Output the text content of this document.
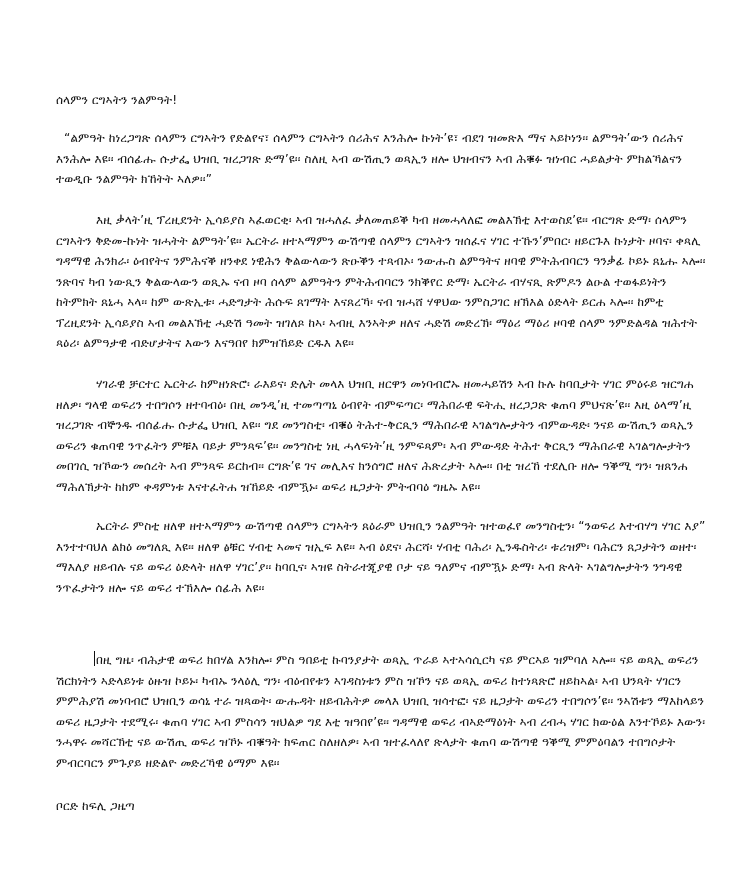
ሰላምን ርግኣትን ንልምዓት!

“ልምዓት ከነረጋግጽ ሰላምን ርግኣትን የድልየና፣ ሰላምን ርግኣትን ሰሪሕና እንሕሎ ኩነት’ዩ፣ ብደገ ዝመጽእ ማና ኣይኮነን፡፡ ልምዓት’ውን ሰሪሕና እንሕሎ እዩ፡፡ ብሰፊሑ ሱታፌ ህዝቢ ዝረጋገጽ ድማ’ዩ፡፡ ስለዚ ኣብ ውሽጢን ወጻኢን ዘሎ ህዝብናን ኣብ ሕቑፉ ዝነብር ሓይልታት ምክልኻልናን ተወዲቡ ንልምዓት ክኸትት ኣለዎ፡፡”

እዚ ቃላት’ዚ ፕረዚደንት ኢሳይያስ ኣፈወርቂ፡ ኣብ ዝሓለፈ ቃለመጠይቕ ካብ ዘመሓላለፎ መልእኽቲ እተወስደ’ዩ፡፡ ብርግጽ ድማ፡ ሰላምን ርግኣትን ቅድመ-ኩነት ዝሓትት ልምዓት’ዩ፡፡ ኤርትራ ዘተኣማምን ውሽጣዊ ሰላምን ርግኣትን ዝሰፈና ሃገር ተኹን’ምበር፡ ዘይርጉእ ኩነታት ዞባና፡ ቀጻሊ ግዳማዊ ሕንክራ፡ ዕብየትና ንምሕናቕ ዘንቀደ ነዊሕን ቅልውላውን ጽዑቕን ተጻብኦ፡ ንውሑስ ልምዓትና ዘባዊ ምትሕብባርን ዓንቃፊ ኮይኑ ጸኒሑ ኣሎ፡፡ ንጽባና ካብ ነውጺን ቅልውላውን ወጺኡ ናብ ዞባ ሰላም ልምዓትን ምትሕብባርን ንክቕየር ድማ፡ ኤርትራ ብሃናጺ ጽምዶን ልዑል ተወፋይነትን ከትምክት ጸኒሓ ኣላ፡፡ ከም ውጽኢቱ፡ ሓድግታት ሕሱፍ ጸገማት እናጸረኻ፡ ናብ ዝሓሸ ሃዋህው ንምስጋገር ዘኽእል ዕድላት ይርሐ ኣሎ፡፡ ከምቲ ፕረዚደንት ኢሳይያስ ኣብ መልእኽቲ ሓድሽ ዓመት ዝገለጾ ከኣ፡ ኣብዚ እንኣትዎ ዘለና ሓድሽ መድረኽ፡ ማዕሪ ማዕሪ ዞባዊ ሰላም ንምድልዳል ዝሕተት ጻዕሪ፡ ልምዓታዊ ብድሆታትና እውን እናዓበየ ክምዝኸይድ ርዱእ እዩ፡፡

ሃገራዊ ቻርተር ኤርትራ ከምዘነጽሮ፡ ራእይና፡ ድሌት መላእ ህዝቢ ዘርዋን መነባብሮኡ ዘመሓይሽን ኣብ ኩሉ ከባቢታት ሃገር ምዕሩይ ዝርግሐ ዘለዎ፡ ግላዊ ወፍሪን ተበግሶን ዘተባብዕ፡ በዚ መንዲ’ዚ ተመጣጣኒ ዕብየት ብምፍጣር፡ ማሕበራዊ ፍትሒ ዘረጋጋጽ ቁጠባ ምህናጽ’ዩ፡፡ እዚ ዕላማ’ዚ ዝረጋገጽ ብኞንዱ ብሰፊሑ ሱታፌ ህዝቢ እዩ፡፡ ግደ መንግስቲ፡ ብቑዕ ትሕተ-ቅርጺን ማሕበራዊ ኣገልግሎታትን ብምውዳድ፡ ንናይ ውሽጢን ወጻኢን ወፍሪን ቁጠባዊ ንጥፈትን ምቹእ ባይታ ምንጻፍ’ዩ፡፡ መንግስቲ ነዚ ሓላፍነት’ዚ ንምፍጻም፡ ኣብ ምውዳድ ትሕተ ቅርጺን ማሕበራዊ ኣገልግሎታትን መበገሲ ዝኾውን መሰረት ኣብ ምንጻፍ ይርከብ፡፡ ርግጽ’ዩ ገና መሊእና ክንሰግሮ ዘለና ሕጽረታት ኣሎ፡፡ በቲ ዝረኸ ተደሊቡ ዘሎ ዓቕሚ ግን፡ ዝጸንሐ ማሕለኽታት ከከም ቀዳምነቱ እናተፈትሐ ዝኸይድ ብምዃኑ፡ ወፍሪ ዜጋታት ምትብባዕ ግዜኡ እዩ፡፡

ኤርትራ ምስቲ ዘለዋ ዘተኣማምን ውሽጣዊ ሰላምን ርግኣትን ጸዕራም ህዝቢን ንልምዓት ዝተወፈየ መንግስቲን፡ “ንወፍሪ እተብሃግ ሃገር እያ” እንተተባህለ ልክዕ መግለጺ እዩ፡፡ ዘለዋ ፅቹር ሃብቲ ኣመና ዝኢፍ እዩ፡፡ ኣብ ዕደና፡ ሕርሻ፡ ሃብቲ ባሕሪ፡ ኢንዱስትሪ፡ ቱሪዝም፡ ባሕርን ጸጋታትን ወዘተ፡ ማእለያ ዘይብሉ ናይ ወፍሪ ዕድላት ዘለዋ ሃገር’ያ፡፡ ከባቢና፡ ኣዝዩ ስትራተጂያዊ ቦታ ናይ ዓለምና ብምዃኑ ድማ፡ ኣብ ጽላት ኣገልግሎታትን ንግዳዊ ንጥፈታትን ዘሎ ናይ ወፍሪ ተኽእሎ ሰፊሕ እዩ፡፡

በዚ ግዜ፡ ብሕታዊ ወፍሪ ክበሃል እንከሎ፡ ምስ ዓበይቲ ኩባንያታት ወጻኢ ጥራይ ኣተኣሳሲርካ ናይ ምርኣይ ዝምባለ ኣሎ፡፡ ናይ ወጻኢ ወፍሪን ሽርክነትን ኣድላይነቱ ዕዙዝ ኮይኑ፡ ካብኡ ንላዕሊ ግን፡ ብዕብየቱን ኣገዳስነቱን ምስ ዝኾን ናይ ወጻኢ ወፍሪ ከተነጻጽሮ ዘይከኣል፡ ኣብ ህንጻት ሃገርን ምምሕያሽ መነባብሮ ህዝቢን ወሳኒ ተራ ዝጻወት፡ ውሑዳት ዘይብሕትዎ መላእ ህዝቢ ዝሳተፎ፡ ናይ ዜጋታት ወፍሪን ተበግሶን’ዩ፡፡ ንኣሽቱን ማእከላይን ወፍሪ ዜጋታት ተደሚሩ፡ ቁጠባ ሃገር ኣብ ምስሳን ዝህልዎ ግደ እቲ ዝዓበየ’ዩ፡፡ ግዳማዊ ወፍሪ ብኣድማዕነት ኣብ ረብሓ ሃገር ክውዕል እንተኾይኑ እውን፡ ንሓዋሩ መሻርኽቲ ናይ ውሽጢ ወፍሪ ዝኾኑ ብቑዓት ክፍጠር ስለዘለዎ፡ ኣብ ዝተፈላለየ ጽላታት ቁጠባ ውሽጣዊ ዓቕሚ ምምዕባልን ተበግሶታት ምብርባርን ምጉያይ ዘድልዮ መድረኻዊ ዕማም እዩ፡፡

ቦርድ ከፍሊ ጋዜጣ
